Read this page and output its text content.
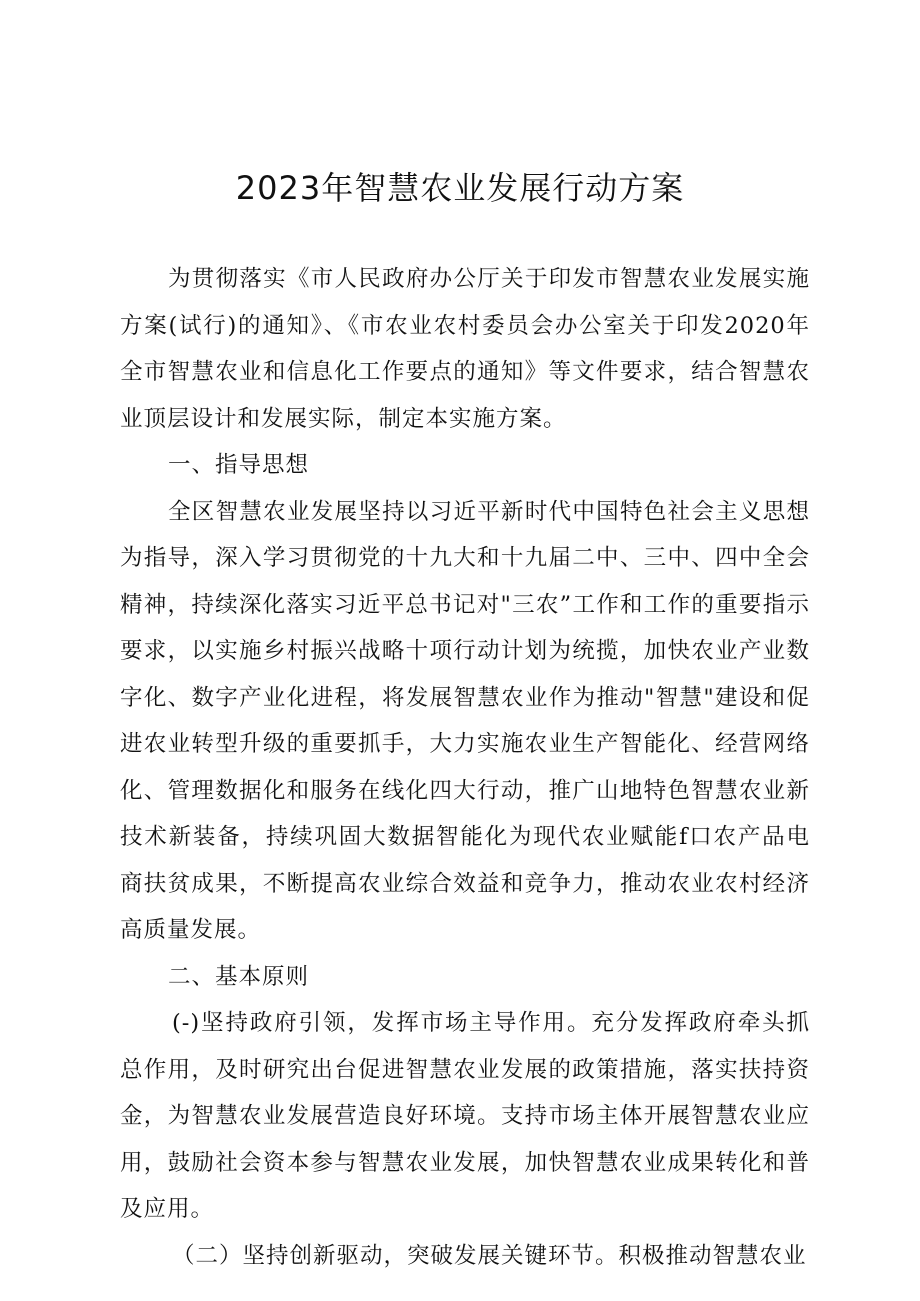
2023年智慧农业发展行动方案

为贯彻落实《市人民政府办公厅关于印发市智慧农业发展实施方案(试行)的通知》、《市农业农村委员会办公室关于印发2020年全市智慧农业和信息化工作要点的通知》等文件要求，结合智慧农业顶层设计和发展实际，制定本实施方案。

一、指导思想

全区智慧农业发展坚持以习近平新时代中国特色社会主义思想为指导，深入学习贯彻党的十九大和十九届二中、三中、四中全会精神，持续深化落实习近平总书记对"三农”工作和工作的重要指示要求，以实施乡村振兴战略十项行动计划为统揽，加快农业产业数字化、数字产业化进程，将发展智慧农业作为推动"智慧"建设和促进农业转型升级的重要抓手，大力实施农业生产智能化、经营网络化、管理数据化和服务在线化四大行动，推广山地特色智慧农业新技术新装备，持续巩固大数据智能化为现代农业赋能f口农产品电商扶贫成果，不断提高农业综合效益和竞争力，推动农业农村经济高质量发展。

二、基本原则

(-)坚持政府引领，发挥市场主导作用。充分发挥政府牵头抓总作用，及时研究出台促进智慧农业发展的政策措施，落实扶持资金，为智慧农业发展营造良好环境。支持市场主体开展智慧农业应用，鼓励社会资本参与智慧农业发展，加快智慧农业成果转化和普及应用。

（二）坚持创新驱动，突破发展关键环节。积极推动智慧农业
